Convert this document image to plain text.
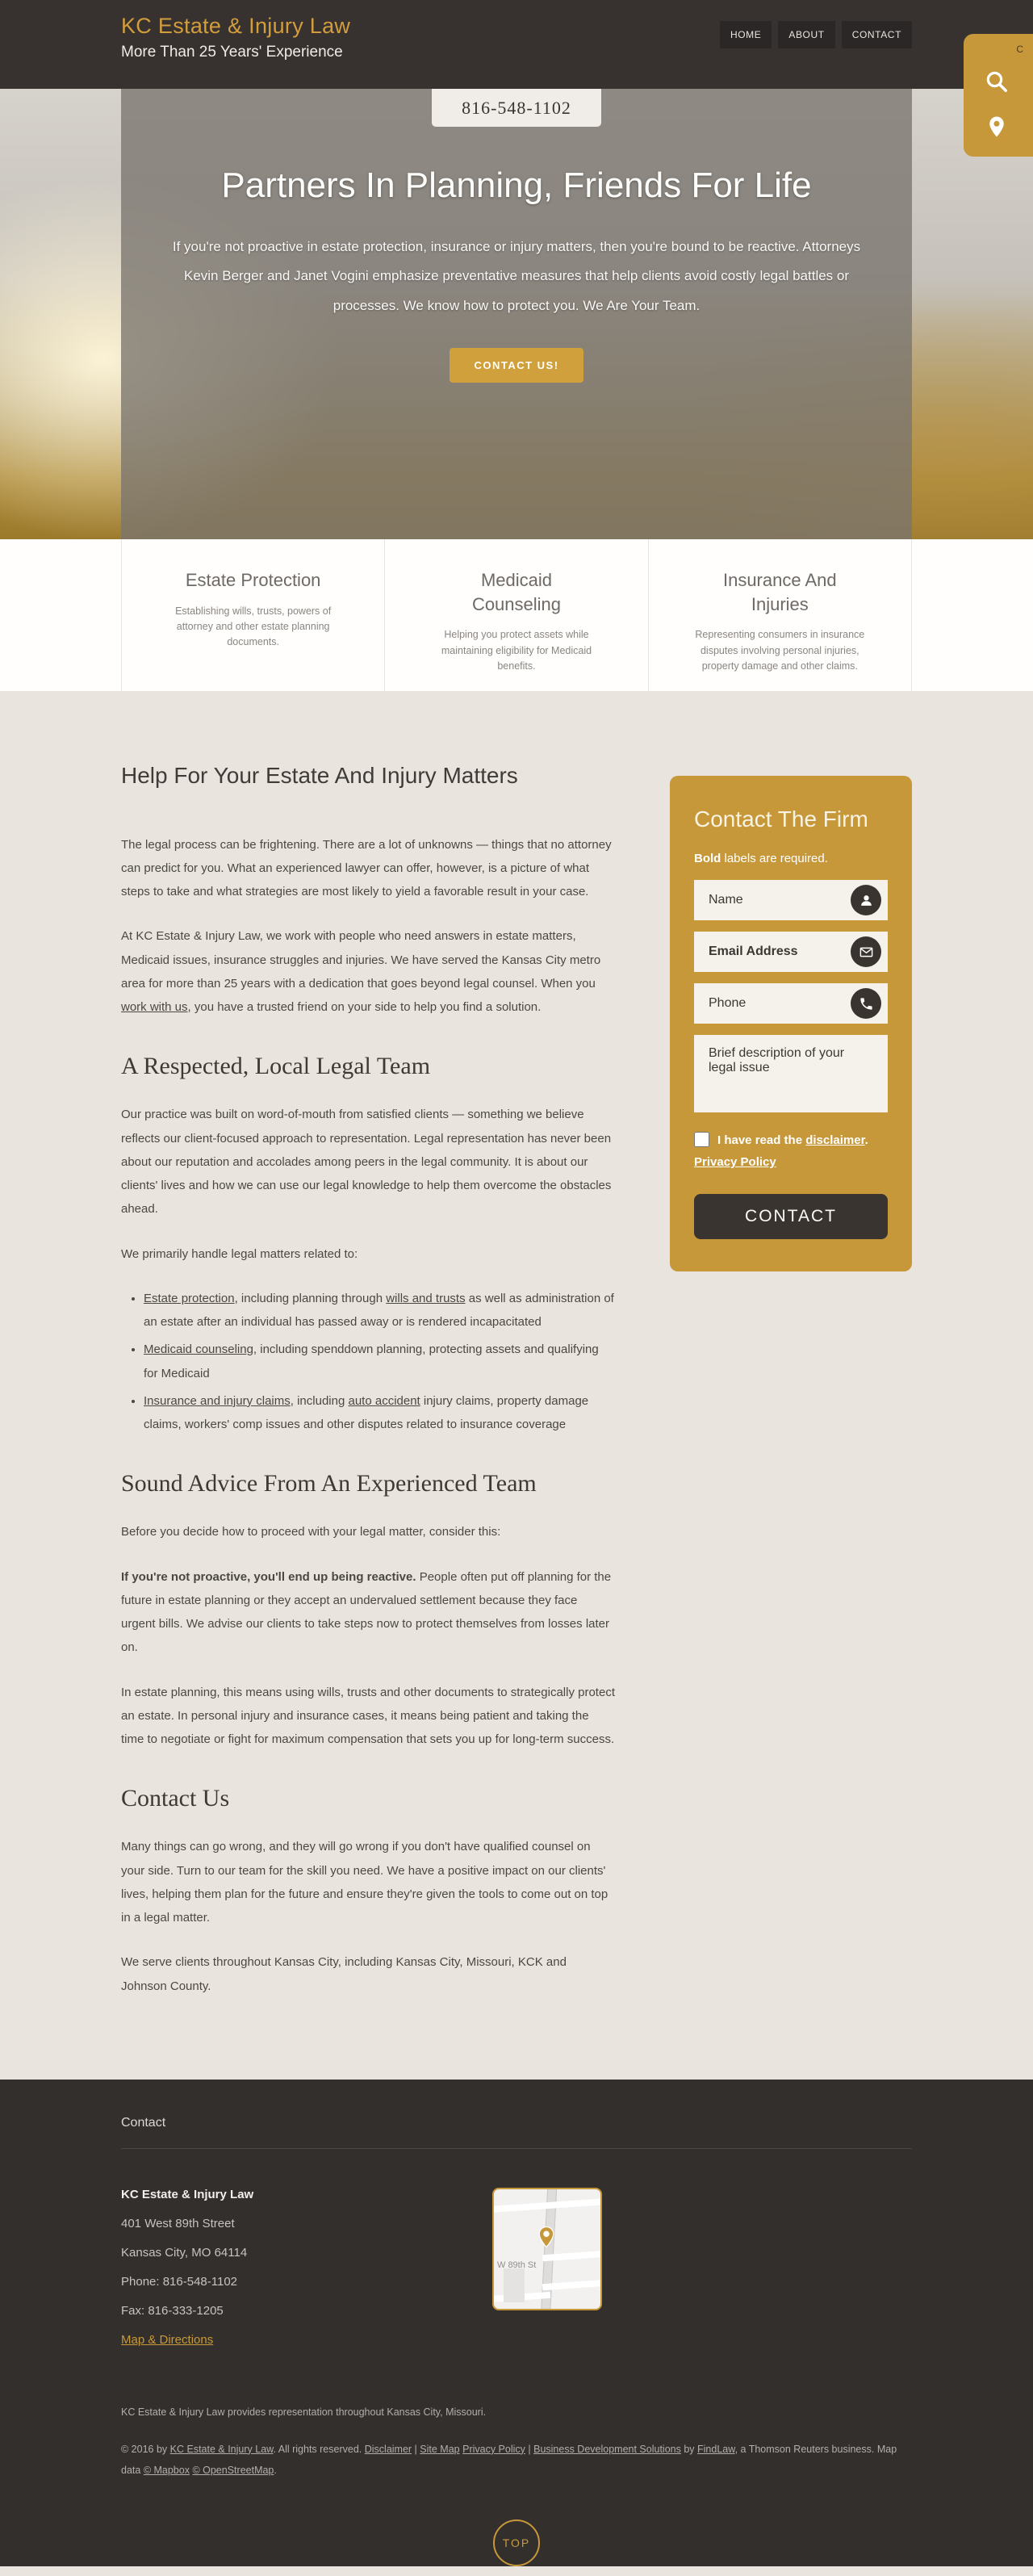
KC Estate & Injury Law
More Than 25 Years' Experience
HOME	ABOUT	CONTACT
C
816-548-1102
Partners In Planning, Friends For Life

If you're not proactive in estate protection, insurance or injury matters, then you're bound to be reactive. Attorneys Kevin Berger and Janet Vogini emphasize preventative measures that help clients avoid costly legal battles or processes. We know how to protect you. We Are Your Team.

CONTACT US!
Estate Protection

Establishing wills, trusts, powers of attorney and other estate planning documents.

Medicaid Counseling

Helping you protect assets while maintaining eligibility for Medicaid benefits.

Insurance And Injuries

Representing consumers in insurance disputes involving personal injuries, property damage and other claims.

Help For Your Estate And Injury Matters

The legal process can be frightening. There are a lot of unknowns — things that no attorney can predict for you. What an experienced lawyer can offer, however, is a picture of what steps to take and what strategies are most likely to yield a favorable result in your case.

At KC Estate & Injury Law, we work with people who need answers in estate matters, Medicaid issues, insurance struggles and injuries. We have served the Kansas City metro area for more than 25 years with a dedication that goes beyond legal counsel. When you work with us, you have a trusted friend on your side to help you find a solution.

A Respected, Local Legal Team

Our practice was built on word-of-mouth from satisfied clients — something we believe reflects our client-focused approach to representation. Legal representation has never been about our reputation and accolades among peers in the legal community. It is about our clients' lives and how we can use our legal knowledge to help them overcome the obstacles ahead.

We primarily handle legal matters related to:

• Estate protection, including planning through wills and trusts as well as administration of an estate after an individual has passed away or is rendered incapacitated
• Medicaid counseling, including spenddown planning, protecting assets and qualifying for Medicaid
• Insurance and injury claims, including auto accident injury claims, property damage claims, workers' comp issues and other disputes related to insurance coverage
Sound Advice From An Experienced Team

Before you decide how to proceed with your legal matter, consider this:

If you're not proactive, you'll end up being reactive. People often put off planning for the future in estate planning or they accept an undervalued settlement because they face urgent bills. We advise our clients to take steps now to protect themselves from losses later on.

In estate planning, this means using wills, trusts and other documents to strategically protect an estate. In personal injury and insurance cases, it means being patient and taking the time to negotiate or fight for maximum compensation that sets you up for long-term success.

Contact Us

Many things can go wrong, and they will go wrong if you don't have qualified counsel on your side. Turn to our team for the skill you need. We have a positive impact on our clients' lives, helping them plan for the future and ensure they're given the tools to come out on top in a legal matter.

We serve clients throughout Kansas City, including Kansas City, Missouri, KCK and Johnson County.

Contact The Firm
Bold labels are required.
Name
Email Address
Phone
Brief description of your legal issue
I have read the disclaimer.
Privacy Policy
CONTACT
Contact

KC Estate & Injury Law

401 West 89th Street

Kansas City, MO 64114

Phone: 816-548-1102

Fax: 816-333-1205

Map & Directions

W 89th St

KC Estate & Injury Law provides representation throughout Kansas City, Missouri.

© 2016 by KC Estate & Injury Law. All rights reserved. Disclaimer | Site Map Privacy Policy | Business Development Solutions by FindLaw, a Thomson Reuters business. Map data © Mapbox © OpenStreetMap.

TOP
